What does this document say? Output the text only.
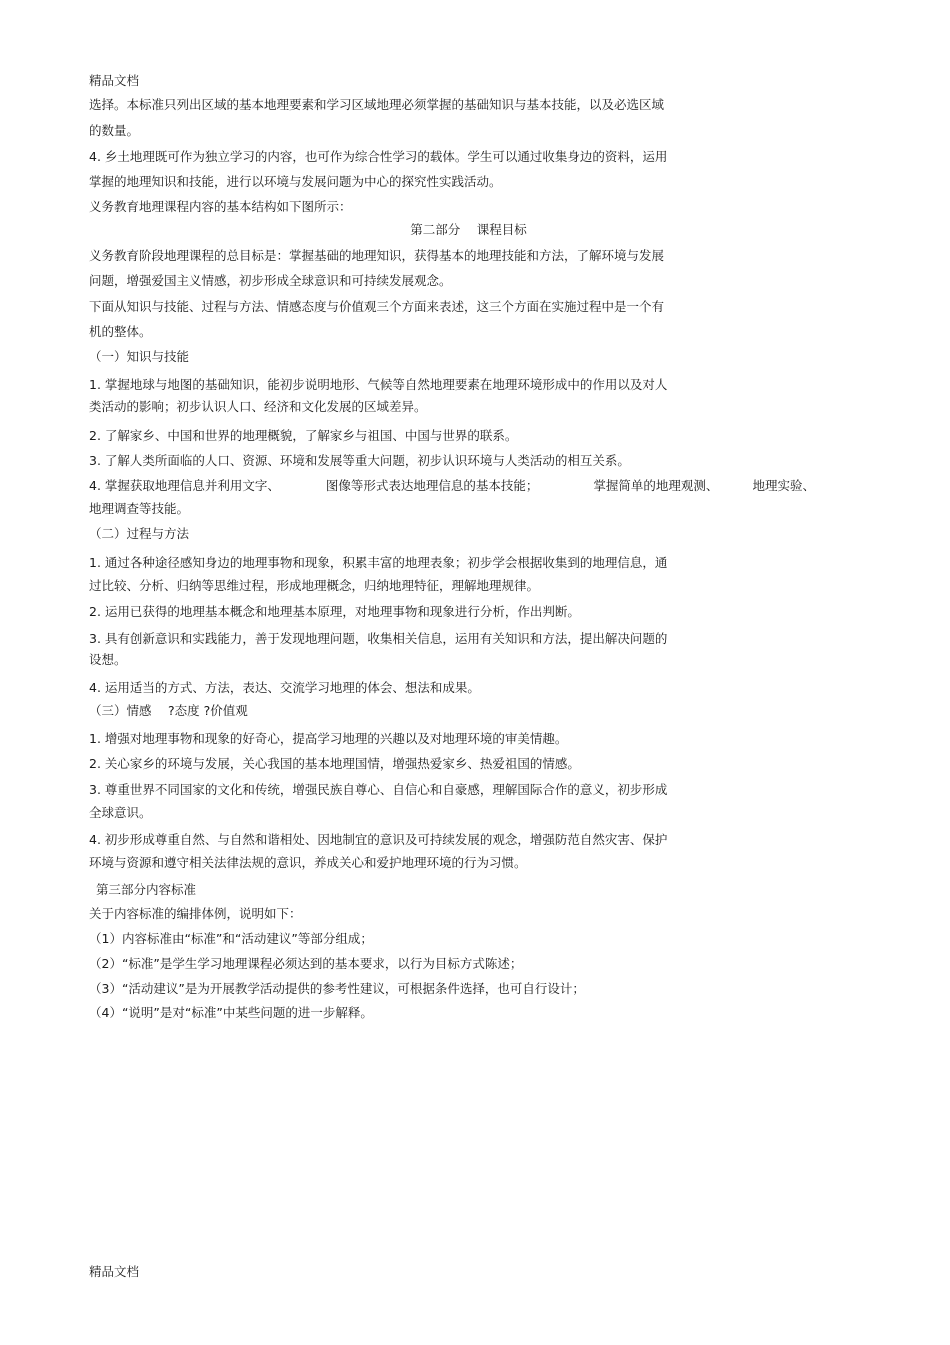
精品文档

选择。本标准只列出区域的基本地理要素和学习区域地理必须掌握的基础知识与基本技能，以及必选区域

的数量。

4. 乡土地理既可作为独立学习的内容，也可作为综合性学习的载体。学生可以通过收集身边的资料，运用

掌握的地理知识和技能，进行以环境与发展问题为中心的探究性实践活动。

义务教育地理课程内容的基本结构如下图所示：

第二部分　 课程目标

义务教育阶段地理课程的总目标是：掌握基础的地理知识，获得基本的地理技能和方法，了解环境与发展

问题，增强爱国主义情感，初步形成全球意识和可持续发展观念。

下面从知识与技能、过程与方法、情感态度与价值观三个方面来表述，这三个方面在实施过程中是一个有

机的整体。

（一）知识与技能

1. 掌握地球与地图的基础知识，能初步说明地形、气候等自然地理要素在地理环境形成中的作用以及对人

类活动的影响；初步认识人口、经济和文化发展的区域差异。

2. 了解家乡、中国和世界的地理概貌，了解家乡与祖国、中国与世界的联系。

3. 了解人类所面临的人口、资源、环境和发展等重大问题，初步认识环境与人类活动的相互关系。

4. 掌握获取地理信息并利用文字、	图像等形式表达地理信息的基本技能；	掌握简单的地理观测、	地理实验、

地理调查等技能。

（二）过程与方法

1. 通过各种途径感知身边的地理事物和现象，积累丰富的地理表象；初步学会根据收集到的地理信息，通

过比较、分析、归纳等思维过程，形成地理概念，归纳地理特征，理解地理规律。

2. 运用已获得的地理基本概念和地理基本原理，对地理事物和现象进行分析，作出判断。

3. 具有创新意识和实践能力，善于发现地理问题，收集相关信息，运用有关知识和方法，提出解决问题的

设想。

4. 运用适当的方式、方法，表达、交流学习地理的体会、想法和成果。

（三）情感　 ?态度 ?价值观

1. 增强对地理事物和现象的好奇心，提高学习地理的兴趣以及对地理环境的审美情趣。

2. 关心家乡的环境与发展，关心我国的基本地理国情，增强热爱家乡、热爱祖国的情感。

3. 尊重世界不同国家的文化和传统，增强民族自尊心、自信心和自豪感，理解国际合作的意义，初步形成

全球意识。

4. 初步形成尊重自然、与自然和谐相处、因地制宜的意识及可持续发展的观念，增强防范自然灾害、保护

环境与资源和遵守相关法律法规的意识，养成关心和爱护地理环境的行为习惯。

第三部分内容标准

关于内容标准的编排体例，说明如下：

（1）内容标准由“标准”和“活动建议”等部分组成；

（2）“标准”是学生学习地理课程必须达到的基本要求，以行为目标方式陈述；

（3）“活动建议”是为开展教学活动提供的参考性建议，可根据条件选择，也可自行设计；

（4）“说明”是对“标准”中某些问题的进一步解释。

精品文档
